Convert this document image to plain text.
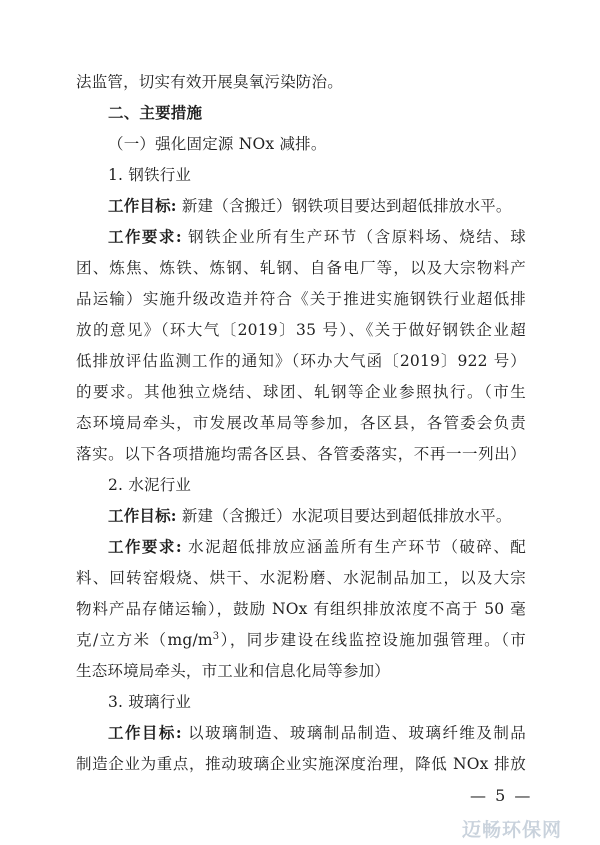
法监管，切实有效开展臭氧污染防治。
二、主要措施
（一）强化固定源 NOx 减排。
1. 钢铁行业
工作目标: 新建（含搬迁）钢铁项目要达到超低排放水平。
工作要求: 钢铁企业所有生产环节（含原料场、烧结、球
团、炼焦、炼铁、炼钢、轧钢、自备电厂等，以及大宗物料产
品运输）实施升级改造并符合《关于推进实施钢铁行业超低排
放的意见》（环大气〔2019〕35 号）、《关于做好钢铁企业超
低排放评估监测工作的通知》（环办大气函〔2019〕922 号）
的要求。其他独立烧结、球团、轧钢等企业参照执行。（市生
态环境局牵头，市发展改革局等参加，各区县，各管委会负责
落实。以下各项措施均需各区县、各管委落实，不再一一列出）
2. 水泥行业
工作目标: 新建（含搬迁）水泥项目要达到超低排放水平。
工作要求: 水泥超低排放应涵盖所有生产环节（破碎、配
料、回转窑煅烧、烘干、水泥粉磨、水泥制品加工，以及大宗
物料产品存储运输），鼓励 NOx 有组织排放浓度不高于 50 毫
克/立方米$(mg/m^3)$，同步建设在线监控设施加强管理。（市
生态环境局牵头，市工业和信息化局等参加）
3. 玻璃行业
工作目标: 以玻璃制造、玻璃制品制造、玻璃纤维及制品
制造企业为重点，推动玻璃企业实施深度治理，降低 NOx 排放
— 5 —
迈畅环保网
